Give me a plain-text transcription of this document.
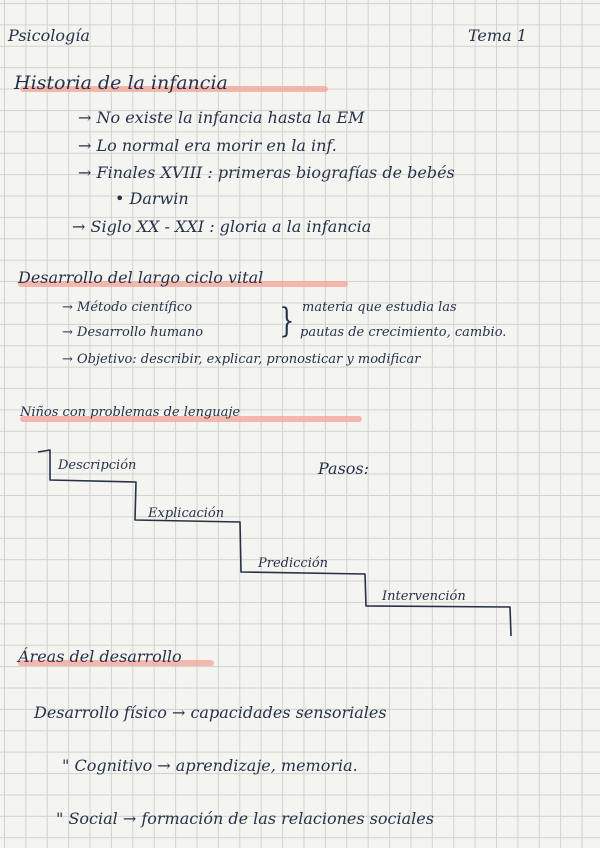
Psicología	Tema 1
Historia de la infancia
→ No existe la infancia hasta la EM
→ Lo normal era morir en la inf.
→ Finales XVIII : primeras biografías de bebés
• Darwin
→ Siglo XX - XXI : gloria a la infancia
Desarrollo del largo ciclo vital
→ Método científico
→ Desarrollo humano
→ Objetivo: describir, explicar, pronosticar y modificar
} materia que estudia las
pautas de crecimiento, cambio.
Niños con problemas de lenguaje
Descripción
Explicación
Predicción
Intervención
Pasos:
Áreas del desarrollo
Desarrollo físico → capacidades sensoriales
" Cognitivo → aprendizaje, memoria.
" Social → formación de las relaciones sociales
